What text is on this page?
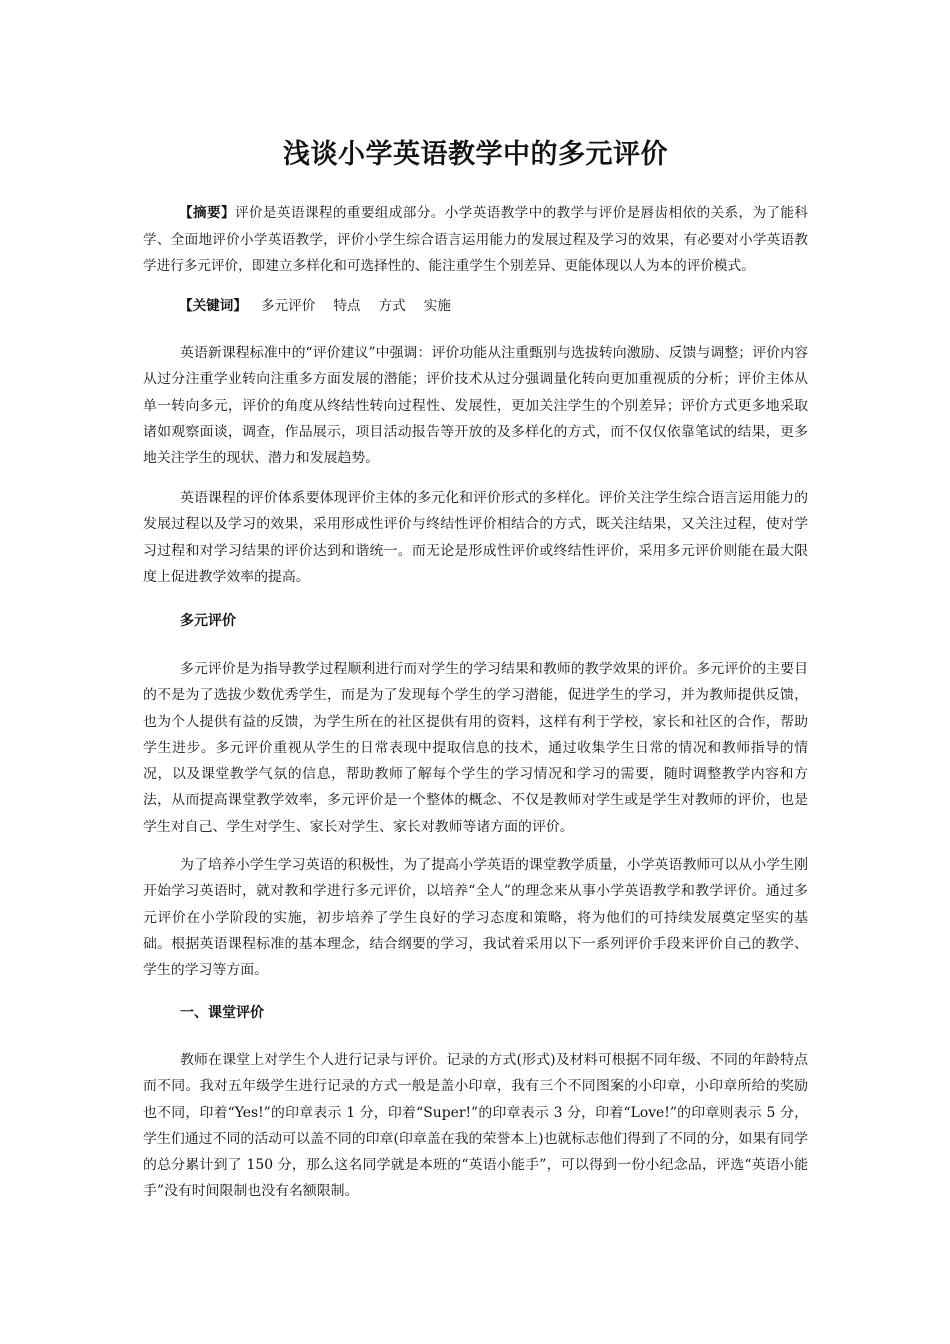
浅谈小学英语教学中的多元评价

【摘要】评价是英语课程的重要组成部分。小学英语教学中的教学与评价是唇齿相依的关系，为了能科学、全面地评价小学英语教学，评价小学生综合语言运用能力的发展过程及学习的效果，有必要对小学英语教学进行多元评价，即建立多样化和可选择性的、能注重学生个别差异、更能体现以人为本的评价模式。

【关键词】 多元评价 特点 方式 实施

英语新课程标准中的“评价建议”中强调：评价功能从注重甄别与选拔转向激励、反馈与调整；评价内容从过分注重学业转向注重多方面发展的潜能；评价技术从过分强调量化转向更加重视质的分析；评价主体从单一转向多元，评价的角度从终结性转向过程性、发展性，更加关注学生的个别差异；评价方式更多地采取诸如观察面谈，调查，作品展示，项目活动报告等开放的及多样化的方式，而不仅仅依靠笔试的结果，更多地关注学生的现状、潜力和发展趋势。

英语课程的评价体系要体现评价主体的多元化和评价形式的多样化。评价关注学生综合语言运用能力的发展过程以及学习的效果，采用形成性评价与终结性评价相结合的方式，既关注结果，又关注过程，使对学习过程和对学习结果的评价达到和谐统一。而无论是形成性评价或终结性评价，采用多元评价则能在最大限度上促进教学效率的提高。

多元评价

多元评价是为指导教学过程顺利进行而对学生的学习结果和教师的教学效果的评价。多元评价的主要目的不是为了选拔少数优秀学生，而是为了发现每个学生的学习潜能，促进学生的学习，并为教师提供反馈，也为个人提供有益的反馈，为学生所在的社区提供有用的资料，这样有利于学校，家长和社区的合作，帮助学生进步。多元评价重视从学生的日常表现中提取信息的技术，通过收集学生日常的情况和教师指导的情况，以及课堂教学气氛的信息，帮助教师了解每个学生的学习情况和学习的需要，随时调整教学内容和方法，从而提高课堂教学效率，多元评价是一个整体的概念、不仅是教师对学生或是学生对教师的评价，也是学生对自己、学生对学生、家长对学生、家长对教师等诸方面的评价。

为了培养小学生学习英语的积极性，为了提高小学英语的课堂教学质量，小学英语教师可以从小学生刚开始学习英语时，就对教和学进行多元评价，以培养“全人”的理念来从事小学英语教学和教学评价。通过多元评价在小学阶段的实施，初步培养了学生良好的学习态度和策略，将为他们的可持续发展奠定坚实的基础。根据英语课程标准的基本理念，结合纲要的学习，我试着采用以下一系列评价手段来评价自己的教学、学生的学习等方面。

一、课堂评价

教师在课堂上对学生个人进行记录与评价。记录的方式(形式)及材料可根据不同年级、不同的年龄特点而不同。我对五年级学生进行记录的方式一般是盖小印章，我有三个不同图案的小印章，小印章所给的奖励也不同，印着“Yes!”的印章表示 1 分，印着“Super!”的印章表示 3 分，印着“Love!”的印章则表示 5 分，学生们通过不同的活动可以盖不同的印章(印章盖在我的荣誉本上)也就标志他们得到了不同的分，如果有同学的总分累计到了 150 分，那么这名同学就是本班的“英语小能手”，可以得到一份小纪念品，评选“英语小能手”没有时间限制也没有名额限制。
